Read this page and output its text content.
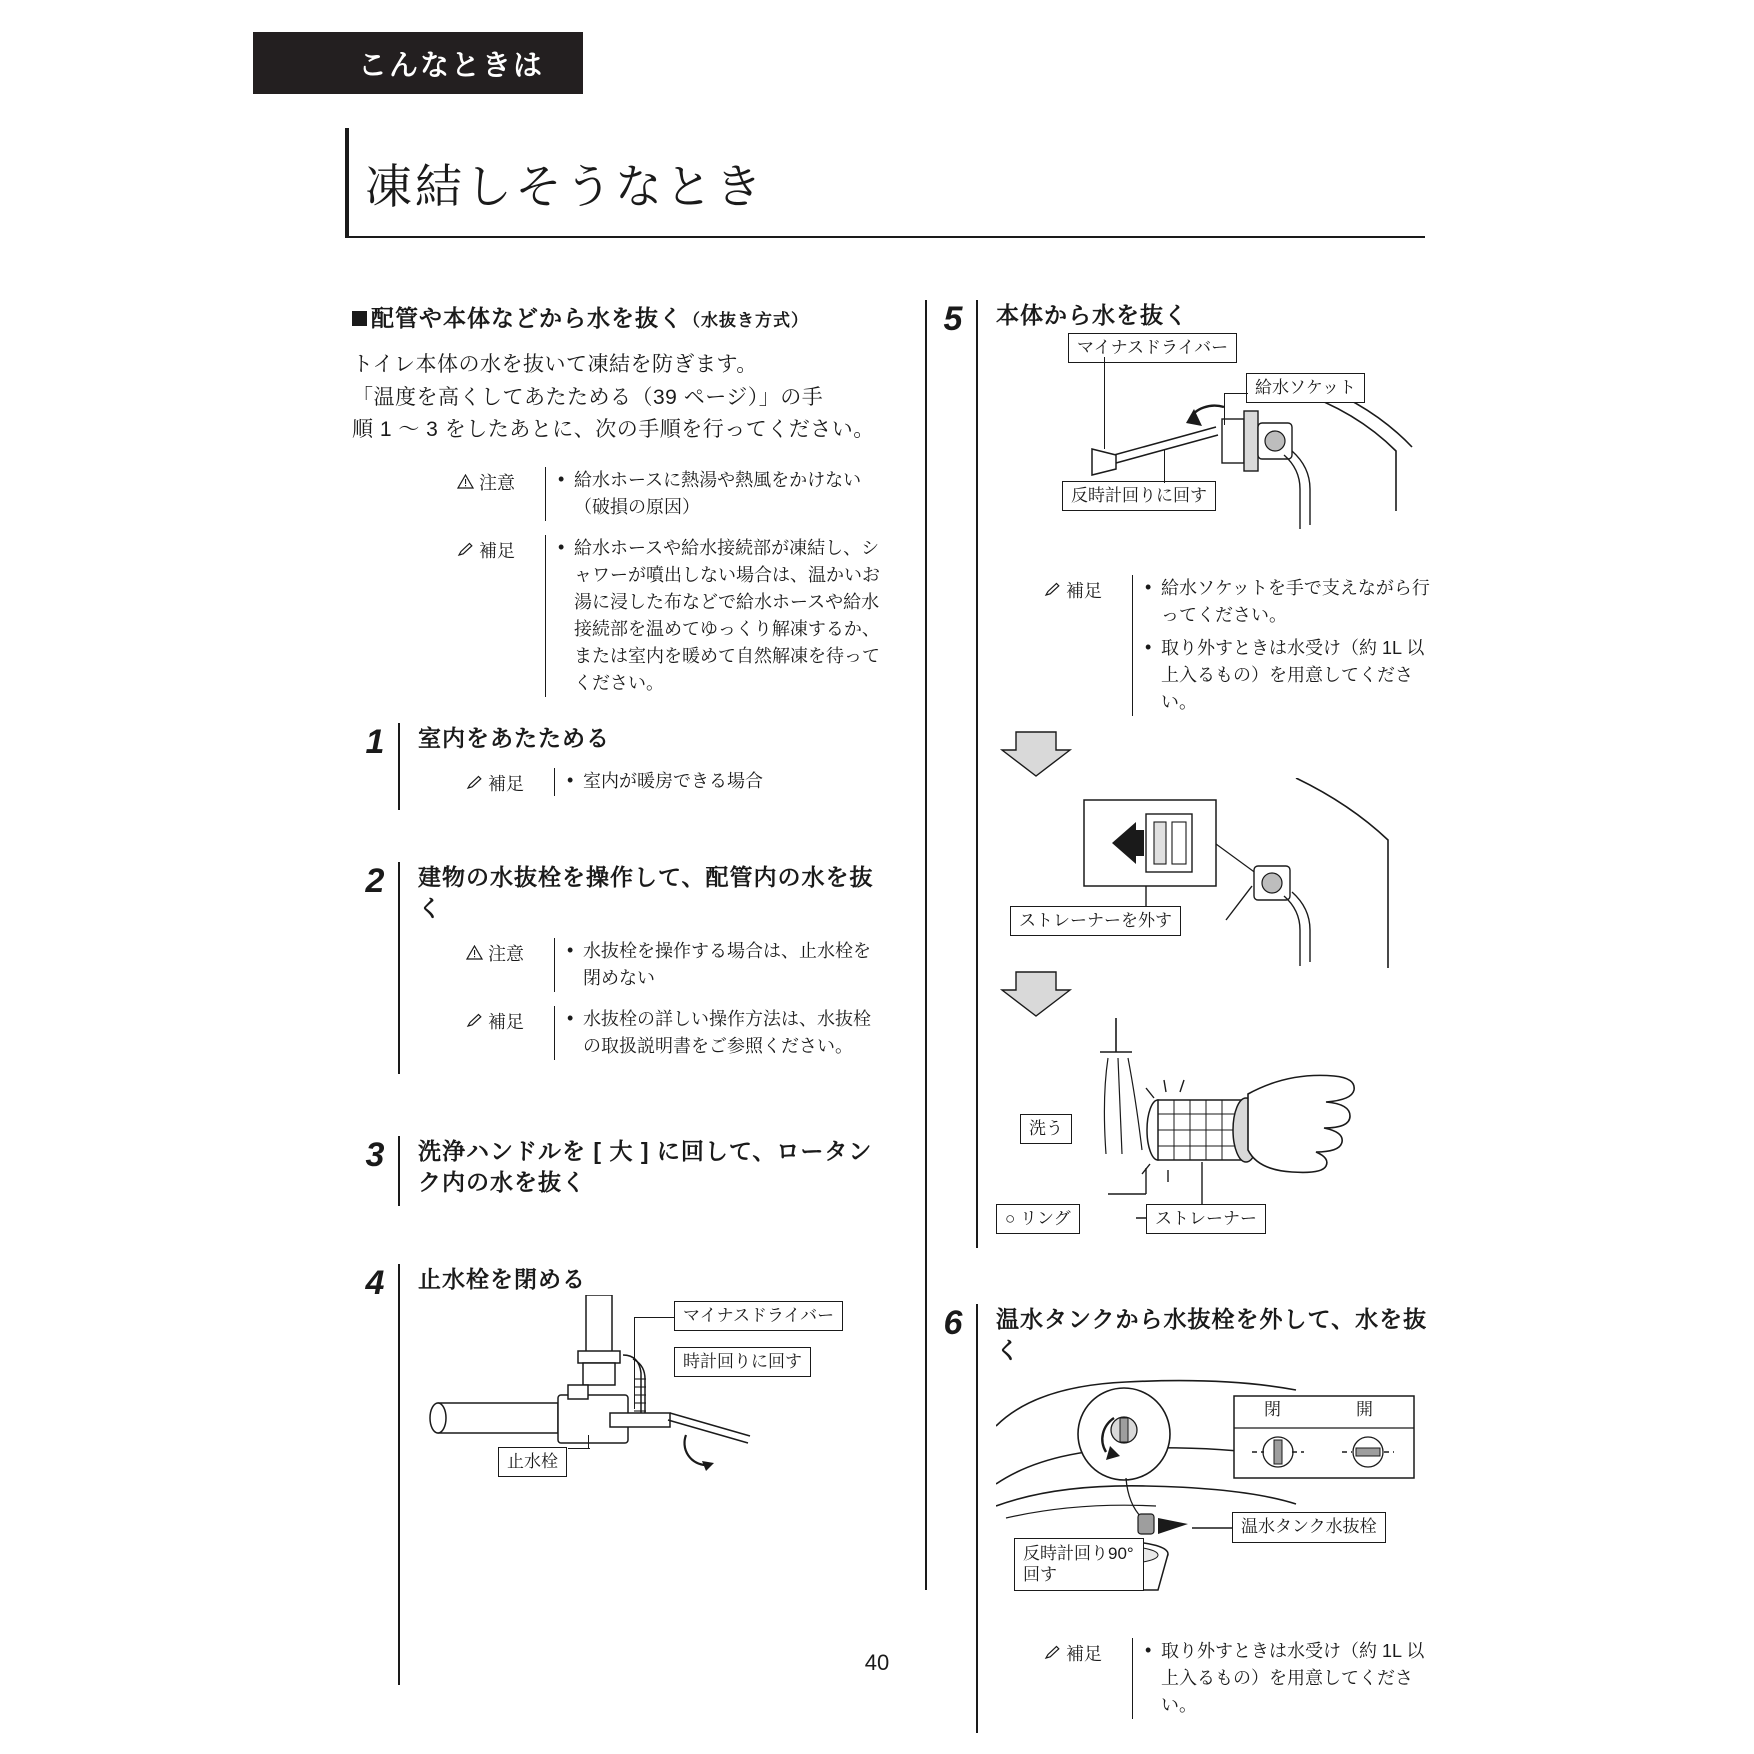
こんなときは
凍結しそうなとき
配管や本体などから水を抜く（水抜き方式）
トイレ本体の水を抜いて凍結を防ぎます。
「温度を高くしてあたためる（39 ページ）」の手
順 1 〜 3 をしたあとに、次の手順を行ってください。
注意	• 給水ホースに熱湯や熱風をかけない（破損の原因）
補足	• 給水ホースや給水接続部が凍結し、シャワーが噴出しない場合は、温かいお湯に浸した布などで給水ホースや給水接続部を温めてゆっくり解凍するか、または室内を暖めて自然解凍を待ってください。
1	室内をあたためる
補足	• 室内が暖房できる場合
2	建物の水抜栓を操作して、配管内の水を抜く
注意	• 水抜栓を操作する場合は、止水栓を閉めない
補足	• 水抜栓の詳しい操作方法は、水抜栓の取扱説明書をご参照ください。
3	洗浄ハンドルを [ 大 ] に回して、ロータンク内の水を抜く
4	止水栓を閉める
マイナスドライバー
時計回りに回す
止水栓
5	本体から水を抜く
マイナスドライバー
給水ソケット
反時計回りに回す
補足	• 給水ソケットを手で支えながら行ってください。
• 取り外すときは水受け（約 1L 以上入るもの）を用意してください。
ストレーナーを外す
洗う
○ リング	ストレーナー
6	温水タンクから水抜栓を外して、水を抜く
閉	開
温水タンク水抜栓
反時計回り90°回す
補足	• 取り外すときは水受け（約 1L 以上入るもの）を用意してください。
40
